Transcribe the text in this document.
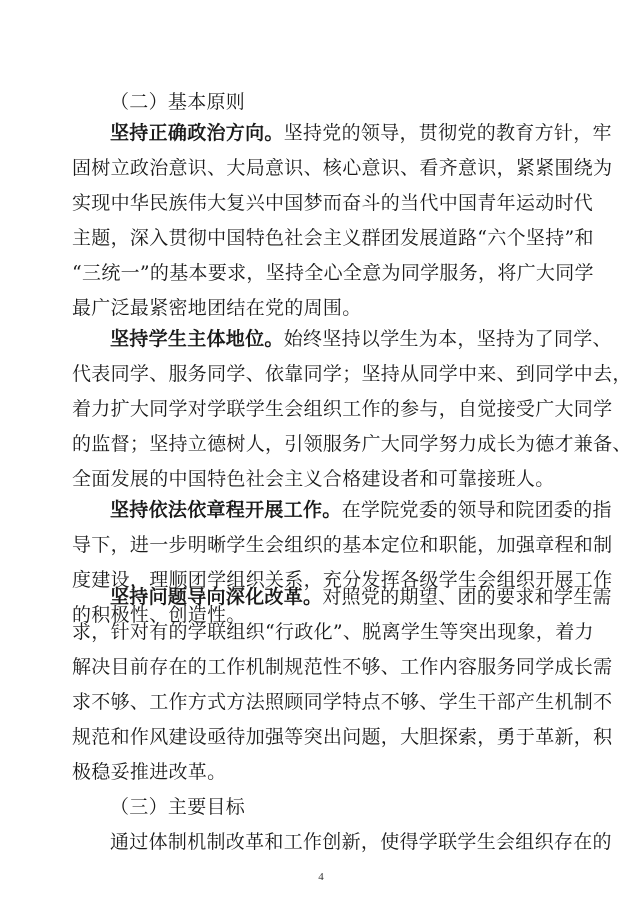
（二）基本原则
坚持正确政治方向。坚持党的领导，贯彻党的教育方针，牢
固树立政治意识、大局意识、核心意识、看齐意识，紧紧围绕为
实现中华民族伟大复兴中国梦而奋斗的当代中国青年运动时代
主题，深入贯彻中国特色社会主义群团发展道路“六个坚持”和
“三统一”的基本要求，坚持全心全意为同学服务，将广大同学
最广泛最紧密地团结在党的周围。
坚持学生主体地位。始终坚持以学生为本，坚持为了同学、
代表同学、服务同学、依靠同学；坚持从同学中来、到同学中去，
着力扩大同学对学联学生会组织工作的参与，自觉接受广大同学
的监督；坚持立德树人，引领服务广大同学努力成长为德才兼备、
全面发展的中国特色社会主义合格建设者和可靠接班人。
坚持依法依章程开展工作。在学院党委的领导和院团委的指
导下，进一步明晰学生会组织的基本定位和职能，加强章程和制
度建设，理顺团学组织关系，充分发挥各级学生会组织开展工作
的积极性、创造性。
坚持问题导向深化改革。对照党的期望、团的要求和学生需
求，针对有的学联组织“行政化”、脱离学生等突出现象，着力
解决目前存在的工作机制规范性不够、工作内容服务同学成长需
求不够、工作方式方法照顾同学特点不够、学生干部产生机制不
规范和作风建设亟待加强等突出问题，大胆探索，勇于革新，积
极稳妥推进改革。
4
（三）主要目标
通过体制机制改革和工作创新，使得学联学生会组织存在的
